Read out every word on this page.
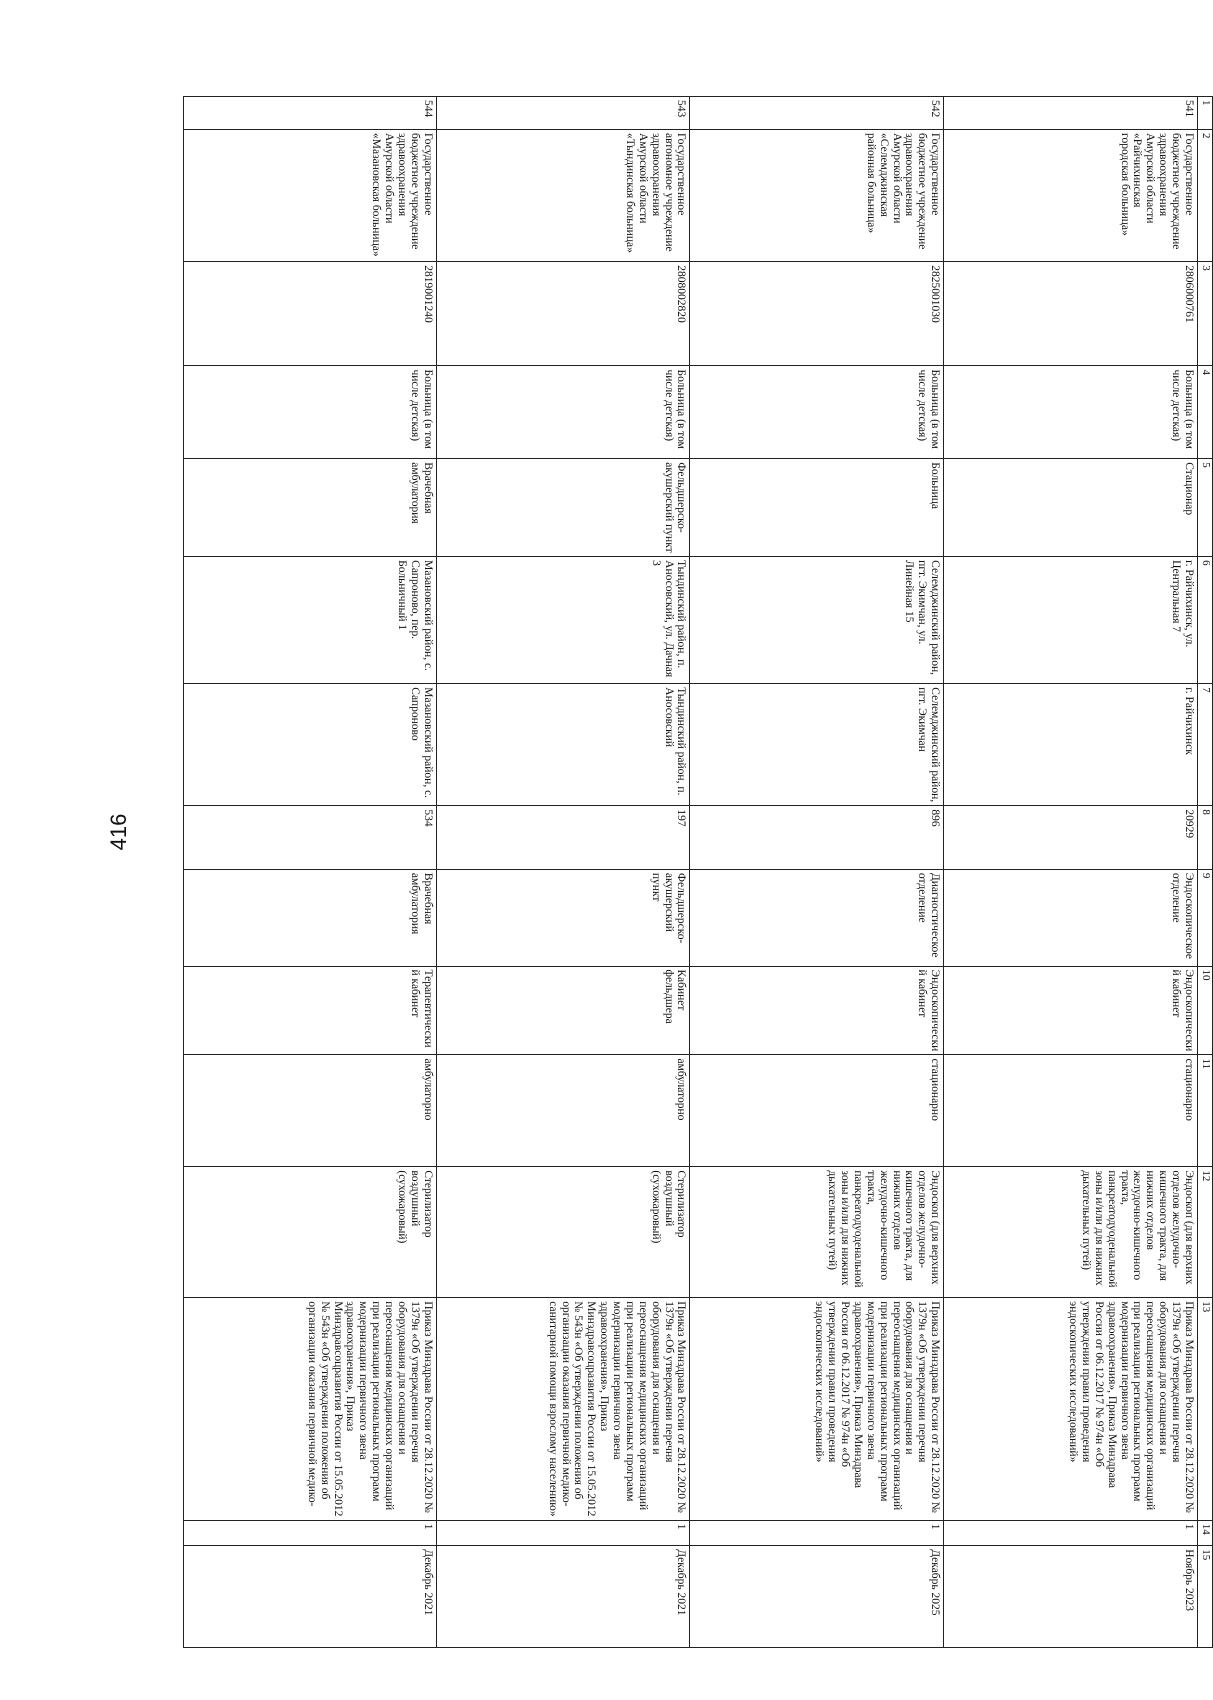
416
1	2	3	4	5	6	7	8	9	10	11	12	13	14	15
541	Государственное бюджетное учреждение здравоохранения Амурской области «Райчихинская городская больница»	2806000761	Больница (в том числе детская)	Стационар	г. Райчихинск, ул. Центральная 7	г. Райчихинск	20929	Эндоскопическое отделение	Эндоскопический кабинет	стационарно	Эндоскоп (для верхних отделов желудочно-кишечного тракта, для нижних отделов желудочно-кишечного тракта, панкреатодуоденальной зоны и/или для нижних дыхательных путей)	Приказ Минздрава России от 28.12.2020 № 1379н «Об утверждении перечня оборудования для оснащения и переоснащения медицинских организаций при реализации региональных программ модернизации первичного звена здравоохранения», Приказ Минздрава России от 06.12.2017 № 974н «Об утверждении правил проведения эндоскопических исследований»	1	Ноябрь 2023
542	Государственное бюджетное учреждение здравоохранения Амурской области «Селемджинская районная больница»	2825001030	Больница (в том числе детская)	Больница	Селемджинский район, пгт. Экимчан, ул. Линейная 15	Селемджинский район, пгт. Экимчан	896	Диагностическое отделение	Эндоскопический кабинет	стационарно	Эндоскоп (для верхних отделов желудочно-кишечного тракта, для нижних отделов желудочно-кишечного тракта, панкреатодуоденальной зоны и/или для нижних дыхательных путей)	Приказ Минздрава России от 28.12.2020 № 1379н «Об утверждении перечня оборудования для оснащения и переоснащения медицинских организаций при реализации региональных программ модернизации первичного звена здравоохранения», Приказ Минздрава России от 06.12.2017 № 974н «Об утверждении правил проведения эндоскопических исследований»	1	Декабрь 2025
543	Государственное автономное учреждение здравоохранения Амурской области «Тындинская больница»	2808002820	Больница (в том числе детская)	Фельдшерско-акушерский пункт	Тындинский район, п. Аносовский, ул. Дачная 3	Тындинский район, п. Аносовский	197	Фельдшерско-акушерский пункт	Кабинет фельдшера	амбулаторно	Стерилизатор воздушный (сухожаровый)	Приказ Минздрава России от 28.12.2020 № 1379н «Об утверждении перечня оборудования для оснащения и переоснащения медицинских организаций при реализации региональных программ модернизации первичного звена здравоохранения», Приказ Минздравсоцразвития России от 15.05.2012 № 543н «Об утверждении положения об организации оказания первичной медико-санитарной помощи взрослому населению»	1	Декабрь 2021
544	Государственное бюджетное учреждение здравоохранения Амурской области «Мазановская больница»	2819001240	Больница (в том числе детская)	Врачебная амбулатория	Мазановский район, с. Сапроново, пер. Больничный 1	Мазановский район, с. Сапроново	534	Врачебная амбулатория	Терапевтический кабинет	амбулаторно	Стерилизатор воздушный (сухожаровый)	Приказ Минздрава России от 28.12.2020 № 1379н «Об утверждении перечня оборудования для оснащения и переоснащения медицинских организаций при реализации региональных программ модернизации первичного звена здравоохранения», Приказ Минздравсоцразвития России от 15.05.2012 № 543н «Об утверждении положения об организации оказания первичной медико-	1	Декабрь 2021
